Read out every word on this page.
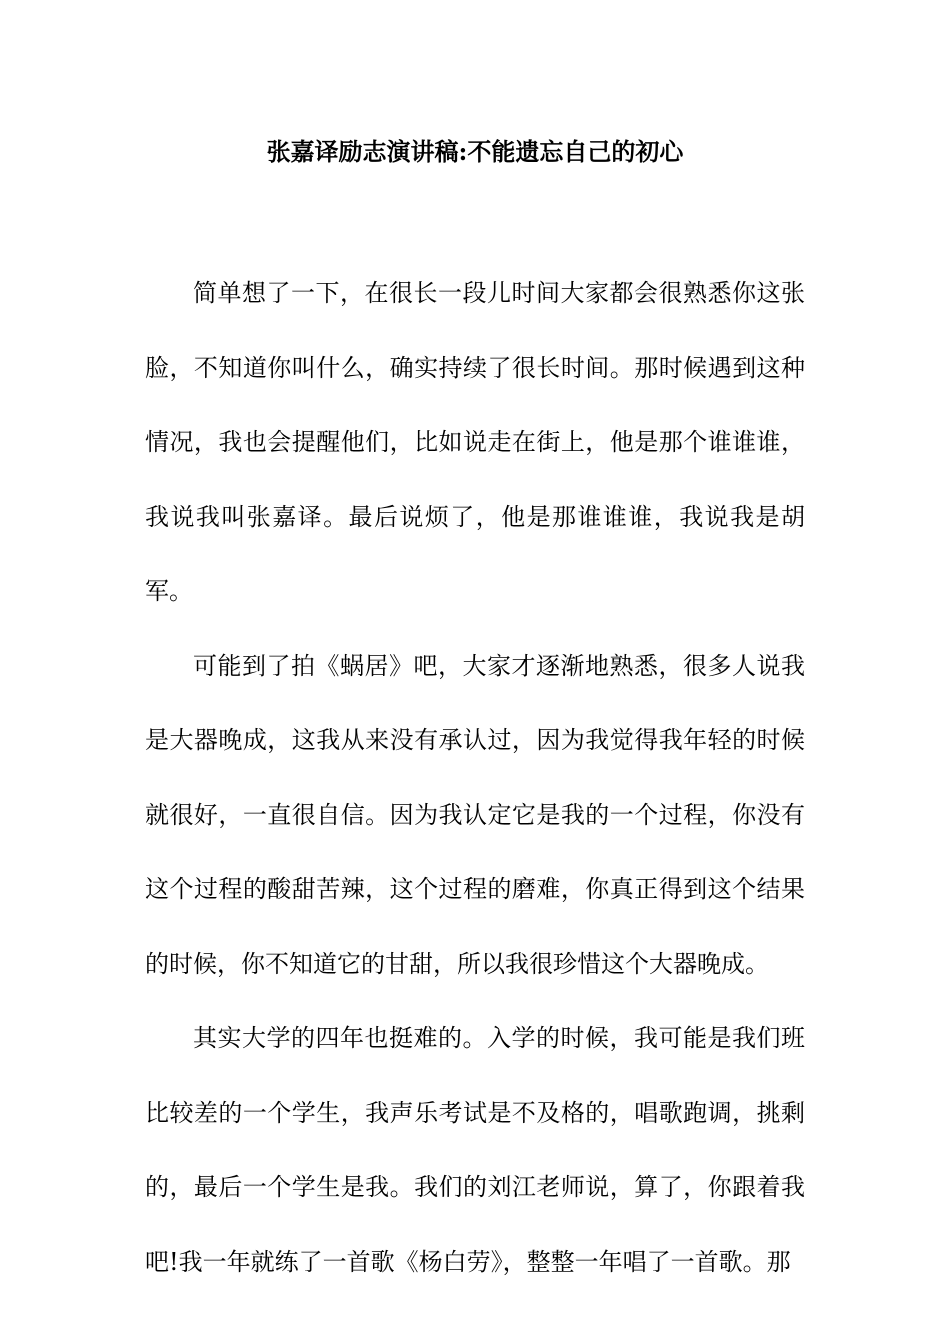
张嘉译励志演讲稿:不能遗忘自己的初心

简单想了一下，在很长一段儿时间大家都会很熟悉你这张脸，不知道你叫什么，确实持续了很长时间。那时候遇到这种情况，我也会提醒他们，比如说走在街上，他是那个谁谁谁，我说我叫张嘉译。最后说烦了，他是那谁谁谁，我说我是胡军。

可能到了拍《蜗居》吧，大家才逐渐地熟悉，很多人说我是大器晚成，这我从来没有承认过，因为我觉得我年轻的时候就很好，一直很自信。因为我认定它是我的一个过程，你没有这个过程的酸甜苦辣，这个过程的磨难，你真正得到这个结果的时候，你不知道它的甘甜，所以我很珍惜这个大器晚成。

其实大学的四年也挺难的。入学的时候，我可能是我们班比较差的一个学生，我声乐考试是不及格的，唱歌跑调，挑剩的，最后一个学生是我。我们的刘江老师说，算了，你跟着我吧!我一年就练了一首歌《杨白劳》，整整一年唱了一首歌。那
